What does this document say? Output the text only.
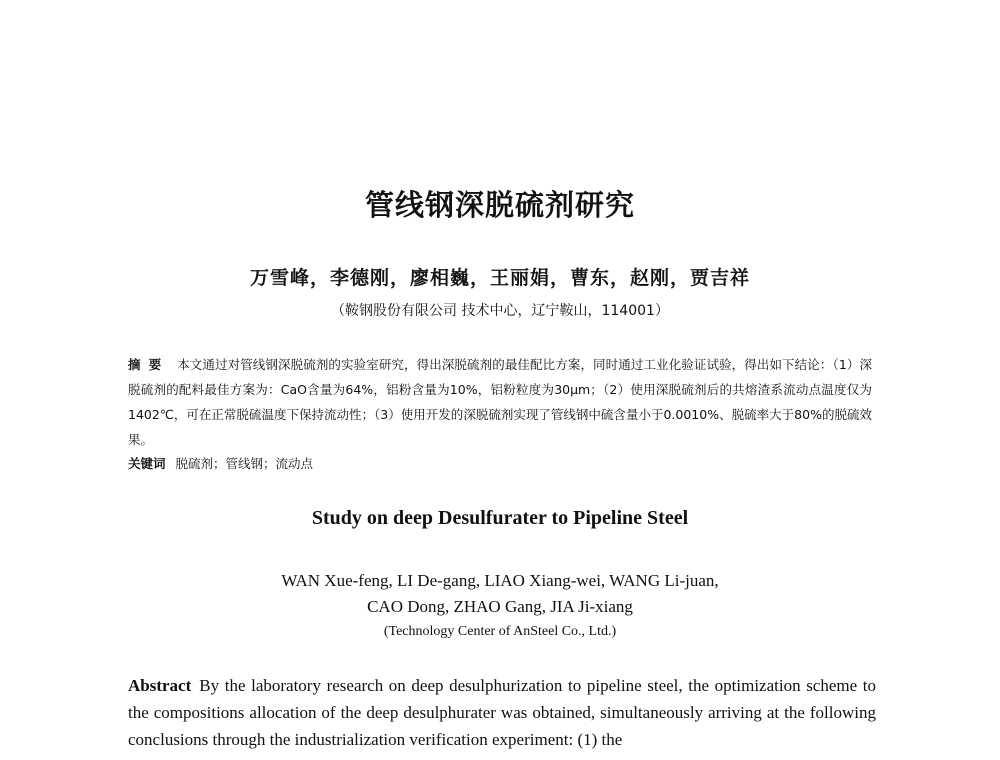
管线钢深脱硫剂研究
万雪峰，李德刚，廖相巍，王丽娟，曹东，赵刚，贾吉祥
（鞍钢股份有限公司 技术中心，辽宁鞍山，114001）
摘要 本文通过对管线钢深脱硫剂的实验室研究，得出深脱硫剂的最佳配比方案，同时通过工业化验证试验，得出如下结论：（1）深脱硫剂的配料最佳方案为：CaO含量为64%，铝粉含量为10%，铝粉粒度为30μm；（2）使用深脱硫剂后的共熔渣系流动点温度仅为1402℃，可在正常脱硫温度下保持流动性；（3）使用开发的深脱硫剂实现了管线钢中硫含量小于0.0010%、脱硫率大于80%的脱硫效果。
关键词 脱硫剂；管线钢；流动点
Study on deep Desulfurater to Pipeline Steel
WAN Xue-feng, LI De-gang, LIAO Xiang-wei, WANG Li-juan,
CAO Dong, ZHAO Gang, JIA Ji-xiang
(Technology Center of AnSteel Co., Ltd.)
Abstract By the laboratory research on deep desulphurization to pipeline steel, the optimization scheme to the compositions allocation of the deep desulphurater was obtained, simultaneously arriving at the following conclusions through the industrialization verification experiment: (1) the
